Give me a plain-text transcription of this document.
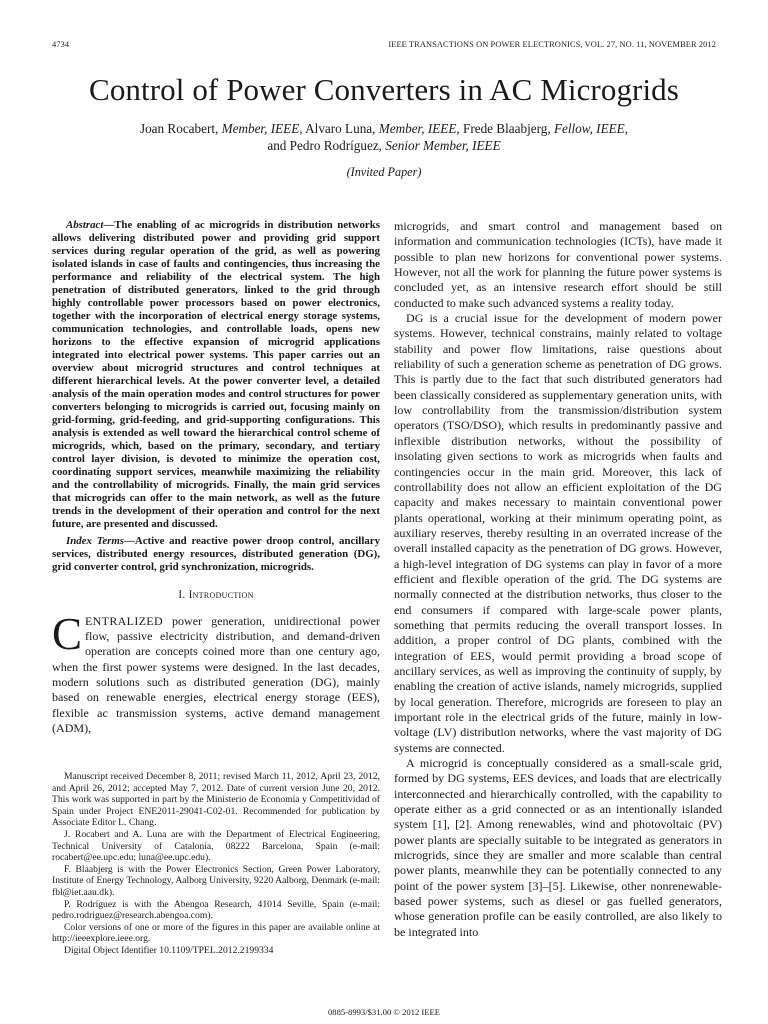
4734	IEEE TRANSACTIONS ON POWER ELECTRONICS, VOL. 27, NO. 11, NOVEMBER 2012
Control of Power Converters in AC Microgrids
Joan Rocabert, Member, IEEE, Alvaro Luna, Member, IEEE, Frede Blaabjerg, Fellow, IEEE,
and Pedro Rodríguez, Senior Member, IEEE
(Invited Paper)

Abstract—The enabling of ac microgrids in distribution networks allows delivering distributed power and providing grid support services during regular operation of the grid, as well as powering isolated islands in case of faults and contingencies, thus increasing the performance and reliability of the electrical system. The high penetration of distributed generators, linked to the grid through highly controllable power processors based on power electronics, together with the incorporation of electrical energy storage systems, communication technologies, and controllable loads, opens new horizons to the effective expansion of microgrid applications integrated into electrical power systems. This paper carries out an overview about microgrid structures and control techniques at different hierarchical levels. At the power converter level, a detailed analysis of the main operation modes and control structures for power converters belonging to microgrids is carried out, focusing mainly on grid-forming, grid-feeding, and grid-supporting configurations. This analysis is extended as well toward the hierarchical control scheme of microgrids, which, based on the primary, secondary, and tertiary control layer division, is devoted to minimize the operation cost, coordinating support services, meanwhile maximizing the reliability and the controllability of microgrids. Finally, the main grid services that microgrids can offer to the main network, as well as the future trends in the development of their operation and control for the next future, are presented and discussed.

Index Terms—Active and reactive power droop control, ancillary services, distributed energy resources, distributed generation (DG), grid converter control, grid synchronization, microgrids.

I. Introduction

CENTRALIZED power generation, unidirectional power flow, passive electricity distribution, and demand-driven operation are concepts coined more than one century ago, when the first power systems were designed. In the last decades, modern solutions such as distributed generation (DG), mainly based on renewable energies, electrical energy storage (EES), flexible ac transmission systems, active demand management (ADM),

Manuscript received December 8, 2011; revised March 11, 2012, April 23, 2012, and April 26, 2012; accepted May 7, 2012. Date of current version June 20, 2012. This work was supported in part by the Ministerio de Economía y Competitividad of Spain under Project ENE2011-29041-C02-01. Recommended for publication by Associate Editor L. Chang.

J. Rocabert and A. Luna are with the Department of Electrical Engineering, Technical University of Catalonia, 08222 Barcelona, Spain (e-mail: rocabert@ee.upc.edu; luna@ee.upc.edu).

F. Blaabjerg is with the Power Electronics Section, Green Power Laboratory, Institute of Energy Technology, Aalborg University, 9220 Aalborg, Denmark (e-mail: fbl@iet.aau.dk).

P. Rodríguez is with the Abengoa Research, 41014 Seville, Spain (e-mail: pedro.rodriguez@research.abengoa.com).

Color versions of one or more of the figures in this paper are available online at http://ieeexplore.ieee.org.

Digital Object Identifier 10.1109/TPEL.2012.2199334

microgrids, and smart control and management based on information and communication technologies (ICTs), have made it possible to plan new horizons for conventional power systems. However, not all the work for planning the future power systems is concluded yet, as an intensive research effort should be still conducted to make such advanced systems a reality today.

DG is a crucial issue for the development of modern power systems. However, technical constrains, mainly related to voltage stability and power flow limitations, raise questions about reliability of such a generation scheme as penetration of DG grows. This is partly due to the fact that such distributed generators had been classically considered as supplementary generation units, with low controllability from the transmission/distribution system operators (TSO/DSO), which results in predominantly passive and inflexible distribution networks, without the possibility of insolating given sections to work as microgrids when faults and contingencies occur in the main grid. Moreover, this lack of controllability does not allow an efficient exploitation of the DG capacity and makes necessary to maintain conventional power plants operational, working at their minimum operating point, as auxiliary reserves, thereby resulting in an overrated increase of the overall installed capacity as the penetration of DG grows. However, a high-level integration of DG systems can play in favor of a more efficient and flexible operation of the grid. The DG systems are normally connected at the distribution networks, thus closer to the end consumers if compared with large-scale power plants, something that permits reducing the overall transport losses. In addition, a proper control of DG plants, combined with the integration of EES, would permit providing a broad scope of ancillary services, as well as improving the continuity of supply, by enabling the creation of active islands, namely microgrids, supplied by local generation. Therefore, microgrids are foreseen to play an important role in the electrical grids of the future, mainly in low-voltage (LV) distribution networks, where the vast majority of DG systems are connected.

A microgrid is conceptually considered as a small-scale grid, formed by DG systems, EES devices, and loads that are electrically interconnected and hierarchically controlled, with the capability to operate either as a grid connected or as an intentionally islanded system [1], [2]. Among renewables, wind and photovoltaic (PV) power plants are specially suitable to be integrated as generators in microgrids, since they are smaller and more scalable than central power plants, meanwhile they can be potentially connected to any point of the power system [3]–[5]. Likewise, other nonrenewable-based power systems, such as diesel or gas fuelled generators, whose generation profile can be easily controlled, are also likely to be integrated into

0885-8993/$31.00 © 2012 IEEE
